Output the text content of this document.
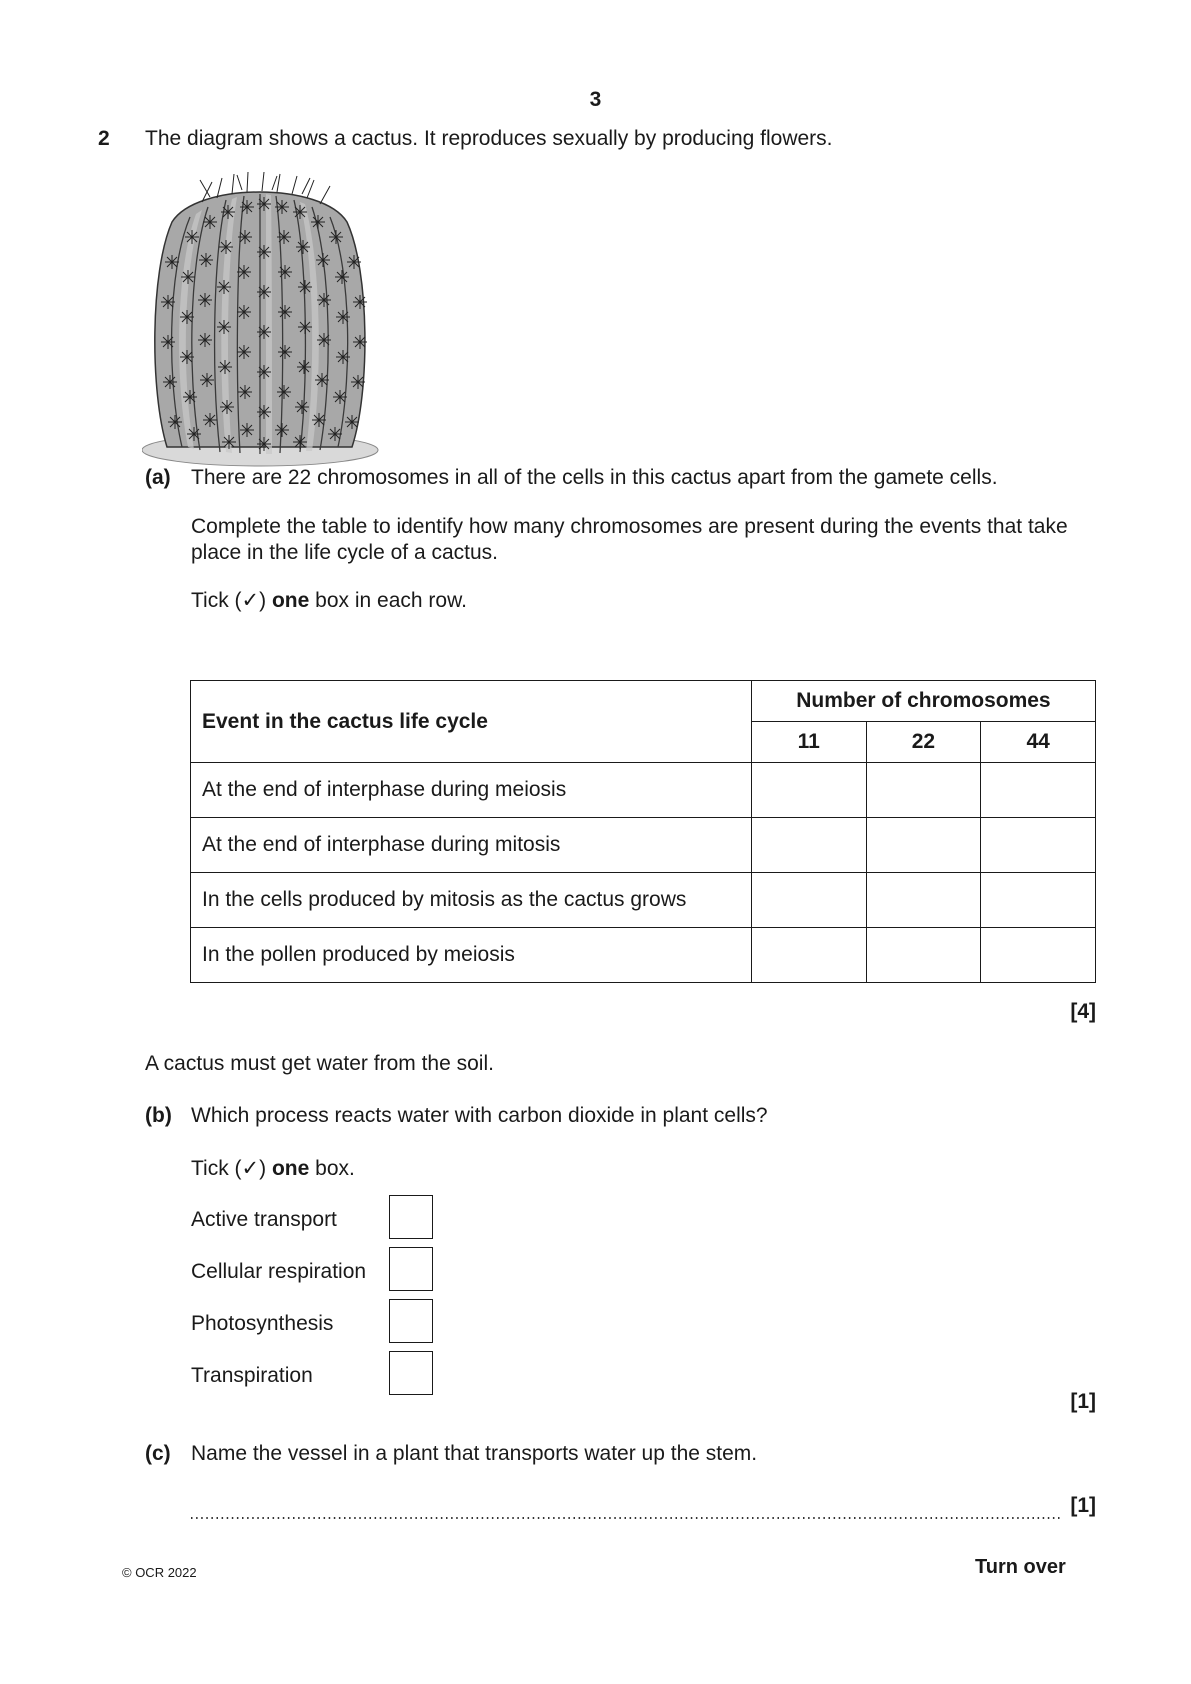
3
2 The diagram shows a cactus. It reproduces sexually by producing flowers.
(a) There are 22 chromosomes in all of the cells in this cactus apart from the gamete cells.
Complete the table to identify how many chromosomes are present during the events that take place in the life cycle of a cactus.
Tick (✓) one box in each row.
Event in the cactus life cycle	Number of chromosomes		
	11	22	44
At the end of interphase during meiosis			
At the end of interphase during mitosis			
In the cells produced by mitosis as the cactus grows			
In the pollen produced by meiosis			
[4]
A cactus must get water from the soil.
(b) Which process reacts water with carbon dioxide in plant cells?
Tick (✓) one box.
Active transport
Cellular respiration
Photosynthesis
Transpiration
[1]
(c) Name the vessel in a plant that transports water up the stem.
[1]
© OCR 2022	Turn over
